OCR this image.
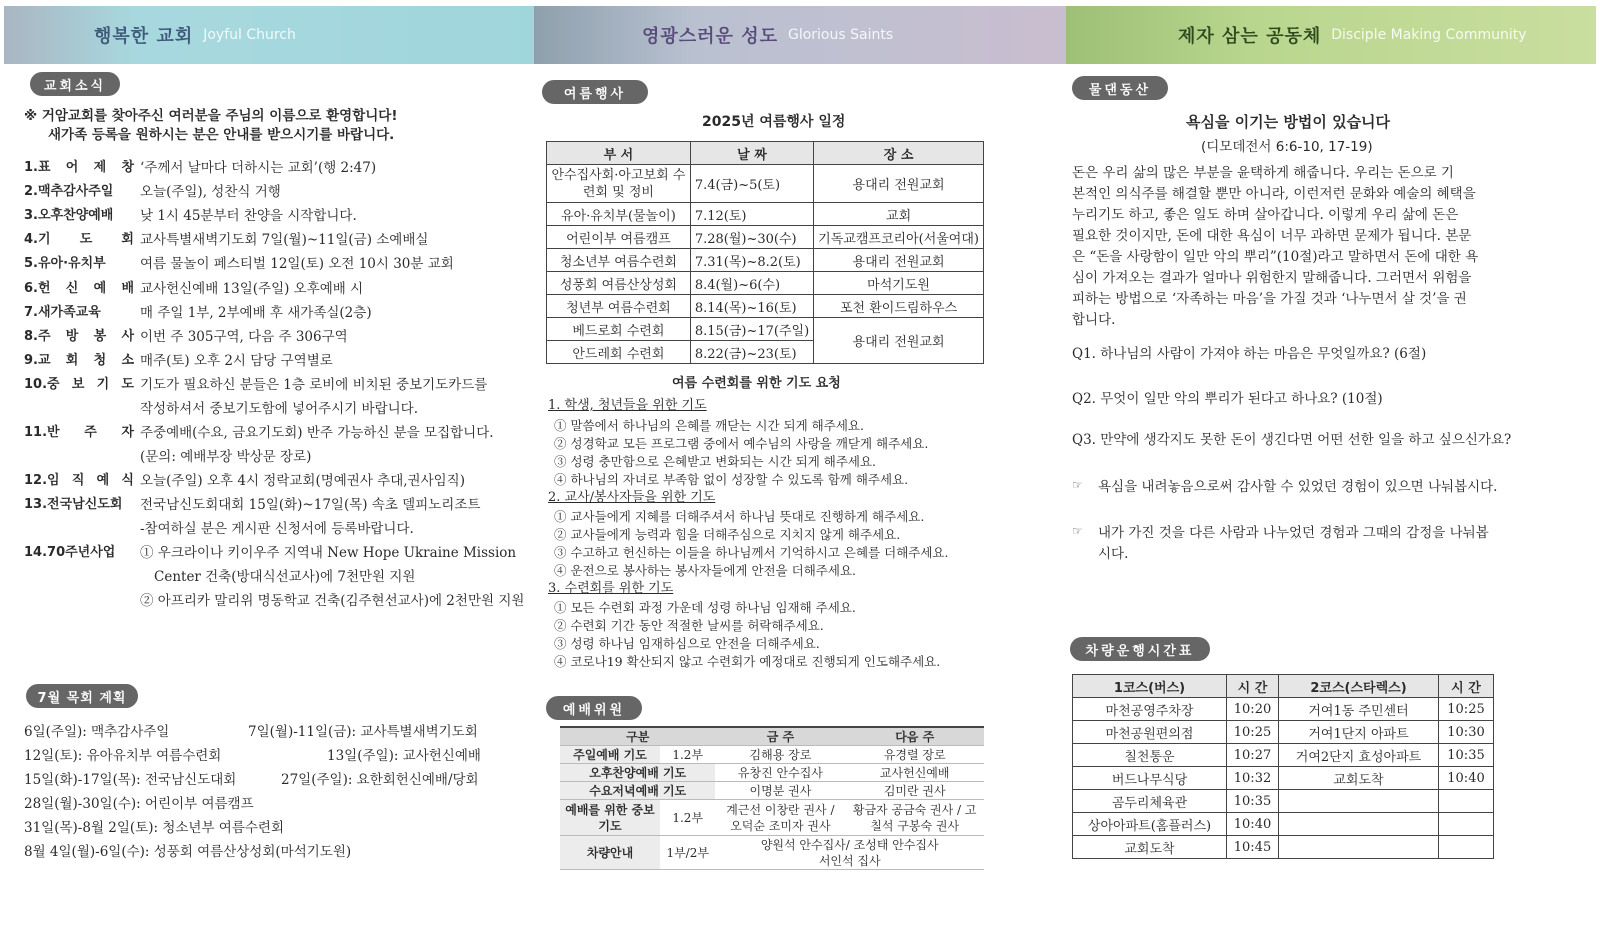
행복한 교회 Joyful Church	영광스러운 성도 Glorious Saints	제자 삼는 공동체 Disciple Making Community
교회소식
※ 거암교회를 찾아주신 여러분을 주님의 이름으로 환영합니다!
새가족 등록을 원하시는 분은 안내를 받으시기를 바랍니다.
1.표 어 제 창 ‘주께서 날마다 더하시는 교회’(행 2:47)
2.맥추감사주일	오늘(주일), 성찬식 거행
3.오후찬양예배	낮 1시 45분부터 찬양을 시작합니다.
4.기 도 회 교사특별새벽기도회 7일(월)~11일(금) 소예배실
5.유아·유치부	여름 물놀이 페스티벌 12일(토) 오전 10시 30분 교회
6.헌 신 예 배 교사헌신예배 13일(주일) 오후예배 시
7.새가족교육	매 주일 1부, 2부예배 후 새가족실(2층)
8.주 방 봉 사 이번 주 305구역, 다음 주 306구역
9.교 회 청 소 매주(토) 오후 2시 담당 구역별로
10.중 보 기 도 기도가 필요하신 분들은 1층 로비에 비치된 중보기도카드를
작성하셔서 중보기도함에 넣어주시기 바랍니다.
11.반 주 자 주중예배(수요, 금요기도회) 반주 가능하신 분을 모집합니다.
(문의: 예배부장 박상문 장로)
12.임 직 예 식 오늘(주일) 오후 4시 정락교회(명예권사 추대,권사임직)
13.전국남신도회	전국남신도회대회 15일(화)~17일(목) 속초 델피노리조트
-참여하실 분은 게시판 신청서에 등록바랍니다.
14.70주년사업	① 우크라이나 키이우주 지역내 New Hope Ukraine Mission
Center 건축(방대식선교사)에 7천만원 지원
② 아프리카 말리위 명동학교 건축(김주현선교사)에 2천만원 지원
7월 목회 계획
6일(주일): 맥추감사주일	7일(월)-11일(금): 교사특별새벽기도회
12일(토): 유아유치부 여름수련회	13일(주일): 교사헌신예배
15일(화)-17일(목): 전국남신도대회	27일(주일): 요한회헌신예배/당회
28일(월)-30일(수): 어린이부 여름캠프
31일(목)-8월 2일(토): 청소년부 여름수련회
8월 4일(월)-6일(수): 성풍회 여름산상성회(마석기도원)
여름행사
2025년 여름행사 일정
부 서	날 짜	장 소
안수집사회·아고보회 수련회 및 정비	7.4(금)~5(토)	용대리 전원교회
유아·유치부(물놀이)	7.12(토)	교회
어린이부 여름캠프	7.28(월)~30(수)	기독교캠프코리아(서울여대)
청소년부 여름수련회	7.31(목)~8.2(토)	용대리 전원교회
성풍회 여름산상성회	8.4(월)~6(수)	마석기도원
청년부 여름수련회	8.14(목)~16(토)	포천 환이드림하우스
베드로회 수련회	8.15(금)~17(주일)	용대리 전원교회
안드레회 수련회	8.22(금)~23(토)	
여름 수련회를 위한 기도 요청
1. 학생, 청년들을 위한 기도
① 말씀에서 하나님의 은혜를 깨닫는 시간 되게 해주세요.
② 성경학교 모든 프로그램 중에서 예수님의 사랑을 깨닫게 해주세요.
③ 성령 충만함으로 은혜받고 변화되는 시간 되게 해주세요.
④ 하나님의 자녀로 부족함 없이 성장할 수 있도록 함께 해주세요.
2. 교사/봉사자들을 위한 기도
① 교사들에게 지혜를 더해주셔서 하나님 뜻대로 진행하게 해주세요.
② 교사들에게 능력과 힘을 더해주심으로 지치지 않게 해주세요.
③ 수고하고 헌신하는 이들을 하나님께서 기억하시고 은혜를 더해주세요.
④ 운전으로 봉사하는 봉사자들에게 안전을 더해주세요.
3. 수련회를 위한 기도
① 모든 수련회 과정 가운데 성령 하나님 임재해 주세요.
② 수련회 기간 동안 적절한 날씨를 허락해주세요.
③ 성령 하나님 임재하심으로 안전을 더해주세요.
④ 코로나19 확산되지 않고 수련회가 예정대로 진행되게 인도해주세요.
예배위원
구분		금 주	다음 주
주일예배 기도	1.2부	김해용 장로	유경렬 장로
오후찬양예배 기도		유창진 안수집사	교사헌신예배
수요저녁예배 기도		이명분 권사	김미란 권사
예배를 위한 중보기도	1.2부	계근선 이창란 권사 / 오덕순 조미자 권사	황금자 공금숙 권사 / 고칠석 구봉숙 권사
차량안내	1부/2부	양원석 안수집사/ 조성태 안수집사
서인석 집사	
물댄동산
욕심을 이기는 방법이 있습니다
(디모데전서 6:6-10, 17-19)
돈은 우리 삶의 많은 부분을 윤택하게 해줍니다. 우리는 돈으로 기
본적인 의식주를 해결할 뿐만 아니라, 이런저런 문화와 예술의 혜택을
누리기도 하고, 좋은 일도 하며 살아갑니다. 이렇게 우리 삶에 돈은
필요한 것이지만, 돈에 대한 욕심이 너무 과하면 문제가 됩니다. 본문
은 “돈을 사랑함이 일만 악의 뿌리”(10절)라고 말하면서 돈에 대한 욕
심이 가져오는 결과가 얼마나 위험한지 말해줍니다. 그러면서 위험을
피하는 방법으로 ‘자족하는 마음’을 가질 것과 ‘나누면서 살 것’을 권
합니다.
Q1. 하나님의 사람이 가져야 하는 마음은 무엇일까요? (6절)
Q2. 무엇이 일만 악의 뿌리가 된다고 하나요? (10절)
Q3. 만약에 생각지도 못한 돈이 생긴다면 어떤 선한 일을 하고 싶으신가요?
☞ 욕심을 내려놓음으로써 감사할 수 있었던 경험이 있으면 나눠봅시다.
☞ 내가 가진 것을 다른 사람과 나누었던 경험과 그때의 감정을 나눠봅
시다.
차량운행시간표
1코스(버스)	시 간	2코스(스타렉스)	시 간
마천공영주차장	10:20	거여1동 주민센터	10:25
마천공원편의점	10:25	거여1단지 아파트	10:30
칠천통운	10:27	거여2단지 효성아파트	10:35
버드나무식당	10:32	교회도착	10:40
곰두리체육관	10:35		
상아아파트(홈플러스)	10:40		
교회도착	10:45		
